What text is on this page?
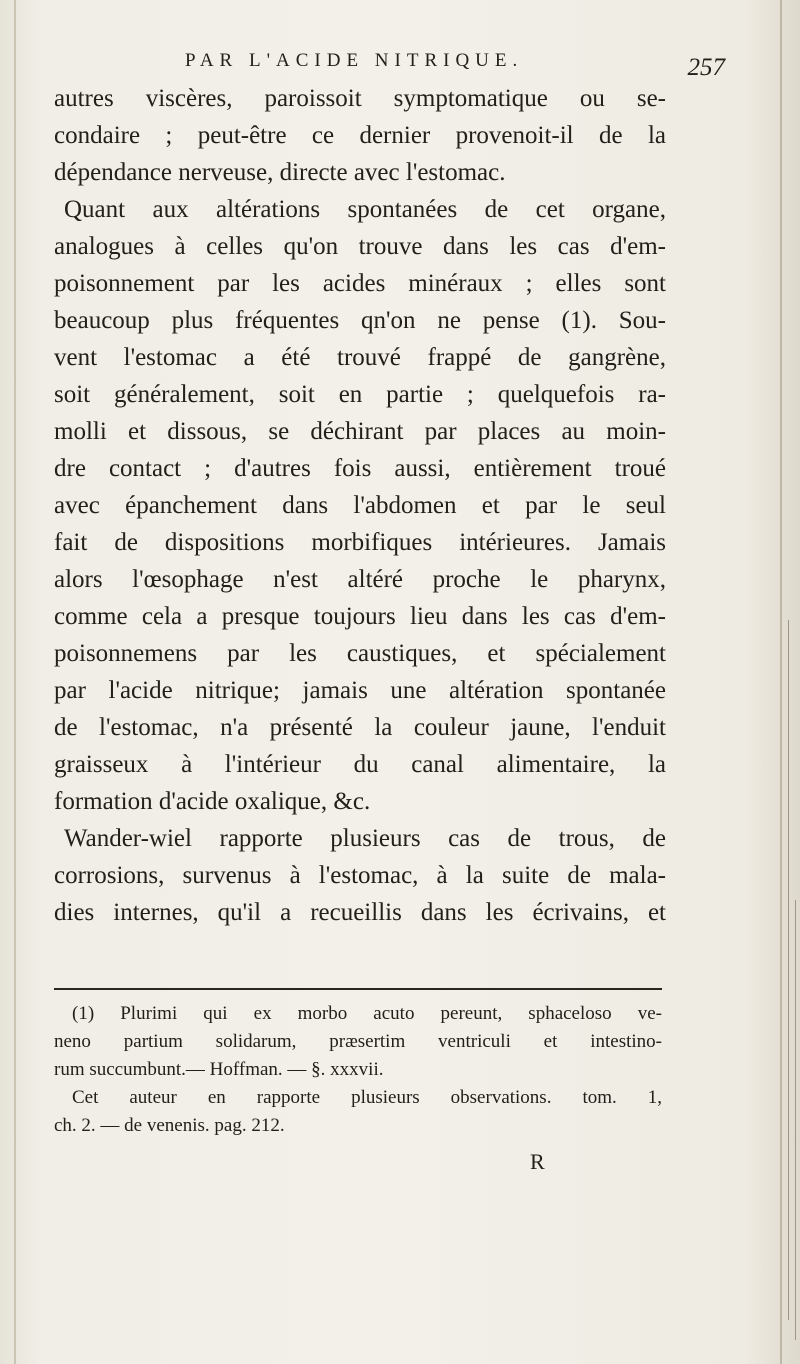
PAR L'ACIDE NITRIQUE.	257
autres viscères, paroissoit symptomatique ou se-
condaire ; peut-être ce dernier provenoit-il de la
dépendance nerveuse, directe avec l'estomac.
Quant aux altérations spontanées de cet organe,
analogues à celles qu'on trouve dans les cas d'em-
poisonnement par les acides minéraux ; elles sont
beaucoup plus fréquentes qn'on ne pense (1). Sou-
vent l'estomac a été trouvé frappé de gangrène,
soit généralement, soit en partie ; quelquefois ra-
molli et dissous, se déchirant par places au moin-
dre contact ; d'autres fois aussi, entièrement troué
avec épanchement dans l'abdomen et par le seul
fait de dispositions morbifiques intérieures. Jamais
alors l'œsophage n'est altéré proche le pharynx,
comme cela a presque toujours lieu dans les cas d'em-
poisonnemens par les caustiques, et spécialement
par l'acide nitrique; jamais une altération spontanée
de l'estomac, n'a présenté la couleur jaune, l'enduit
graisseux à l'intérieur du canal alimentaire, la
formation d'acide oxalique, &c.
Wander-wiel rapporte plusieurs cas de trous, de
corrosions, survenus à l'estomac, à la suite de mala-
dies internes, qu'il a recueillis dans les écrivains, et
(1) Plurimi qui ex morbo acuto pereunt, sphaceloso ve-
neno partium solidarum, præsertim ventriculi et intestino-
rum succumbunt.— Hoffman. — §. xxxvii.
Cet auteur en rapporte plusieurs observations. tom. 1,
ch. 2. — de venenis. pag. 212.
R
